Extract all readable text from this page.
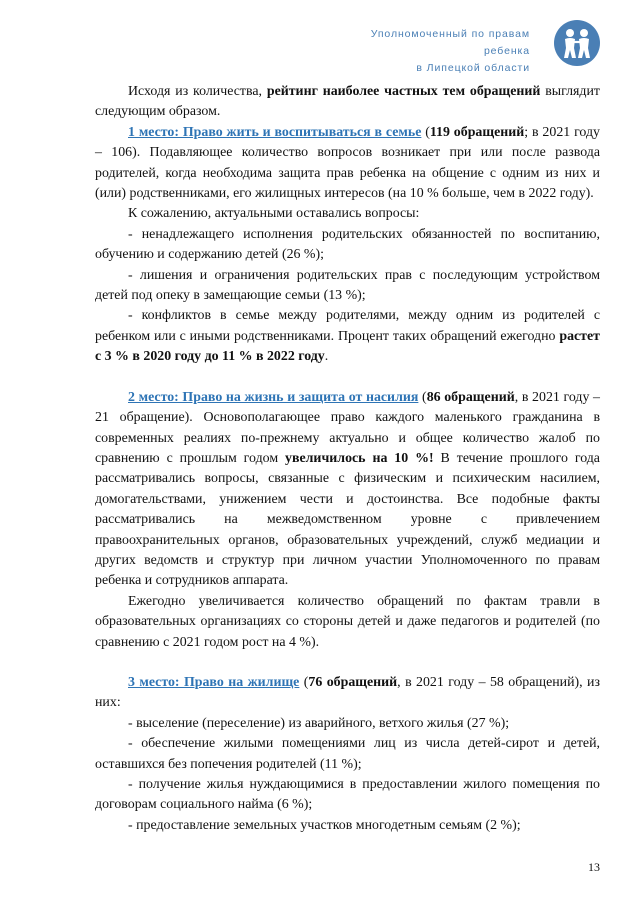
Уполномоченный по правам ребенка
в Липецкой области

Исходя из количества, рейтинг наиболее частных тем обращений выглядит следующим образом.

1 место: Право жить и воспитываться в семье (119 обращений; в 2021 году – 106). Подавляющее количество вопросов возникает при или после развода родителей, когда необходима защита прав ребенка на общение с одним из них и (или) родственниками, его жилищных интересов (на 10 % больше, чем в 2022 году).

К сожалению, актуальными оставались вопросы:

- ненадлежащего исполнения родительских обязанностей по воспитанию, обучению и содержанию детей (26 %);

- лишения и ограничения родительских прав с последующим устройством детей под опеку в замещающие семьи (13 %);

- конфликтов в семье между родителями, между одним из родителей с ребенком или с иными родственниками. Процент таких обращений ежегодно растет с 3 % в 2020 году до 11 % в 2022 году.

2 место: Право на жизнь и защита от насилия (86 обращений, в 2021 году – 21 обращение). Основополагающее право каждого маленького гражданина в современных реалиях по-прежнему актуально и общее количество жалоб по сравнению с прошлым годом увеличилось на 10 %! В течение прошлого года рассматривались вопросы, связанные с физическим и психическим насилием, домогательствами, унижением чести и достоинства. Все подобные факты рассматривались на межведомственном уровне с привлечением правоохранительных органов, образовательных учреждений, служб медиации и других ведомств и структур при личном участии Уполномоченного по правам ребенка и сотрудников аппарата.

Ежегодно увеличивается количество обращений по фактам травли в образовательных организациях со стороны детей и даже педагогов и родителей (по сравнению с 2021 годом рост на 4 %).

3 место: Право на жилище (76 обращений, в 2021 году – 58 обращений), из них:

- выселение (переселение) из аварийного, ветхого жилья (27 %);

- обеспечение жилыми помещениями лиц из числа детей-сирот и детей, оставшихся без попечения родителей (11 %);

- получение жилья нуждающимися в предоставлении жилого помещения по договорам социального найма (6 %);

- предоставление земельных участков многодетным семьям (2 %);

13
